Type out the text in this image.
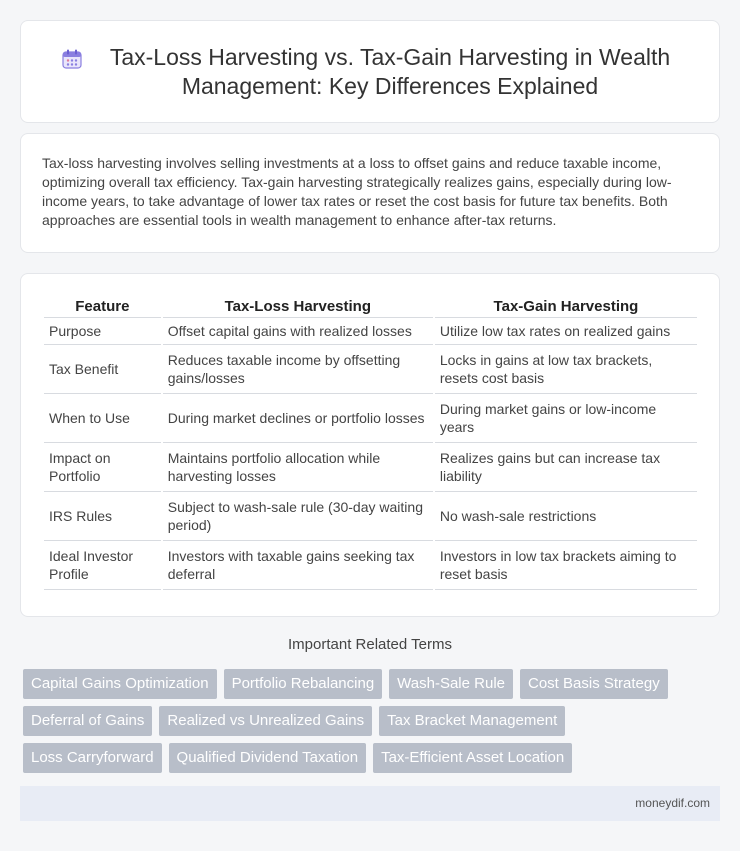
Tax-Loss Harvesting vs. Tax-Gain Harvesting in Wealth Management: Key Differences Explained

Tax-loss harvesting involves selling investments at a loss to offset gains and reduce taxable income, optimizing overall tax efficiency. Tax-gain harvesting strategically realizes gains, especially during low-income years, to take advantage of lower tax rates or reset the cost basis for future tax benefits. Both approaches are essential tools in wealth management to enhance after-tax returns.

Feature	Tax-Loss Harvesting	Tax-Gain Harvesting
Purpose	Offset capital gains with realized losses	Utilize low tax rates on realized gains
Tax Benefit	Reduces taxable income by offsetting gains/losses	Locks in gains at low tax brackets, resets cost basis
When to Use	During market declines or portfolio losses	During market gains or low-income years
Impact on Portfolio	Maintains portfolio allocation while harvesting losses	Realizes gains but can increase tax liability
IRS Rules	Subject to wash-sale rule (30-day waiting period)	No wash-sale restrictions
Ideal Investor Profile	Investors with taxable gains seeking tax deferral	Investors in low tax brackets aiming to reset basis
Important Related Terms
Capital Gains Optimization	Portfolio Rebalancing	Wash-Sale Rule	Cost Basis Strategy
Deferral of Gains	Realized vs Unrealized Gains	Tax Bracket Management
Loss Carryforward	Qualified Dividend Taxation	Tax-Efficient Asset Location
moneydif.com
